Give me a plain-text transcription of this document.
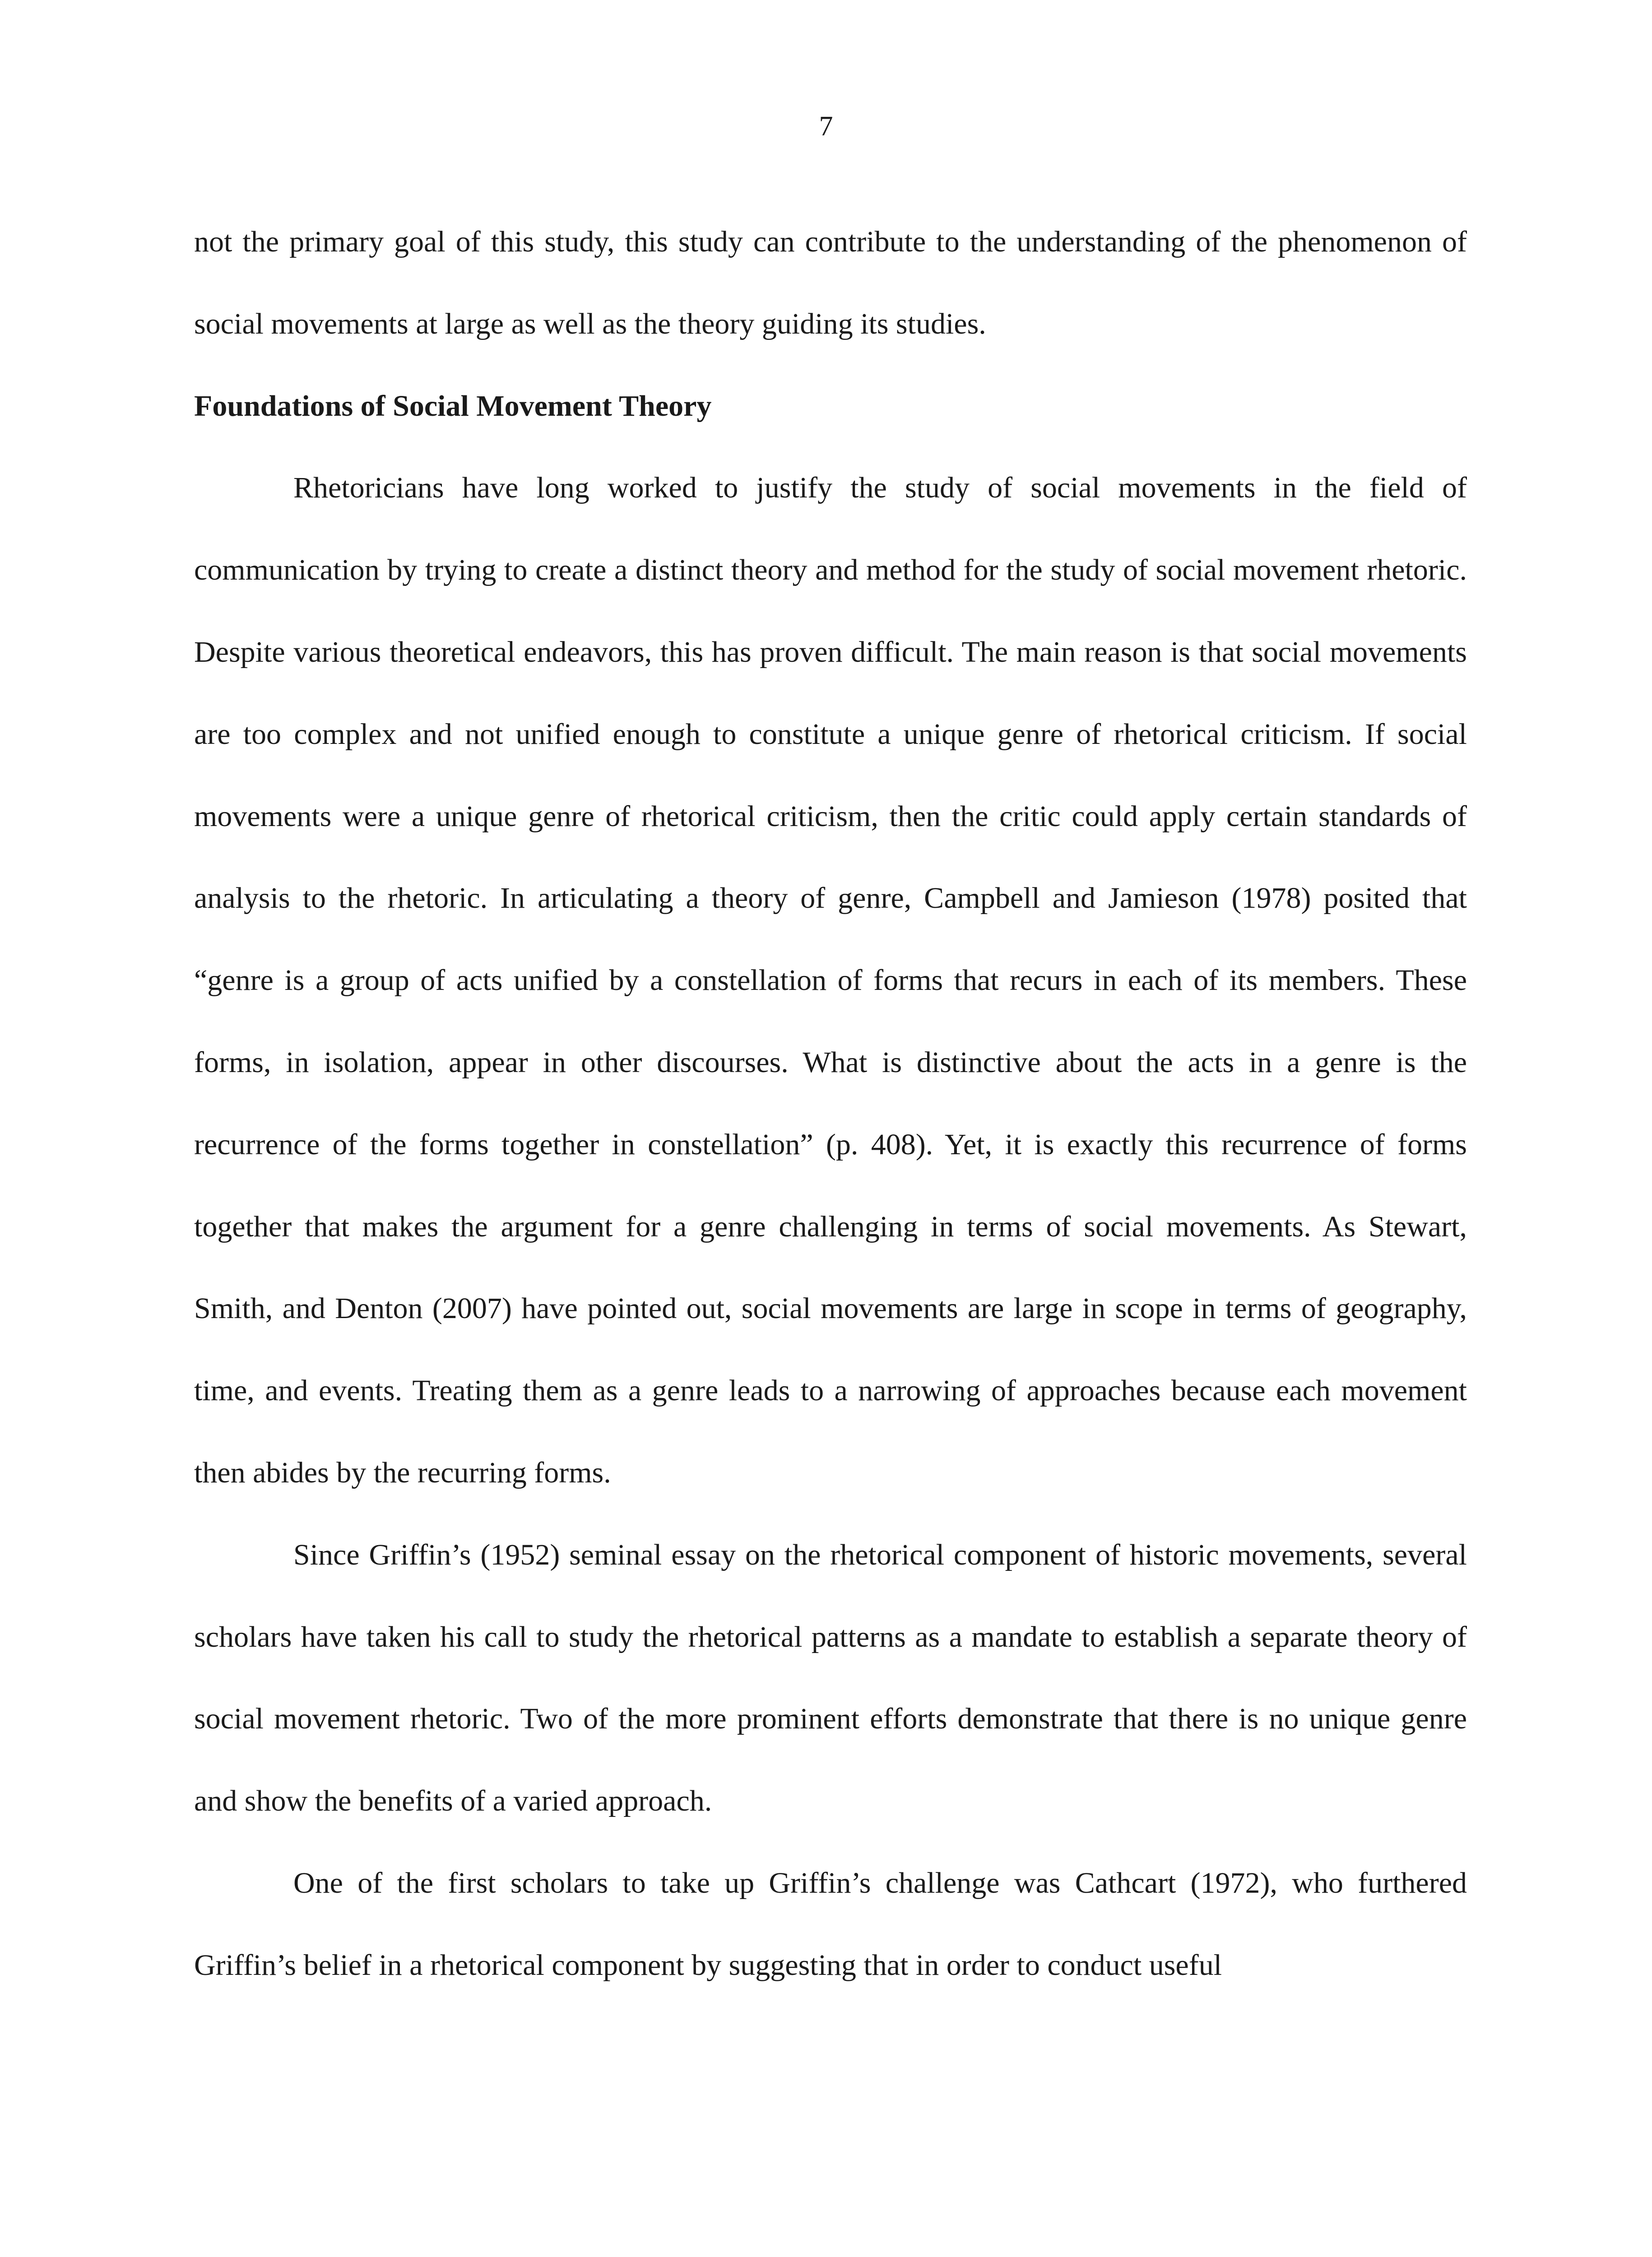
7

not the primary goal of this study, this study can contribute to the understanding of the phenomenon of social movements at large as well as the theory guiding its studies.

Foundations of Social Movement Theory

Rhetoricians have long worked to justify the study of social movements in the field of communication by trying to create a distinct theory and method for the study of social movement rhetoric. Despite various theoretical endeavors, this has proven difficult. The main reason is that social movements are too complex and not unified enough to constitute a unique genre of rhetorical criticism. If social movements were a unique genre of rhetorical criticism, then the critic could apply certain standards of analysis to the rhetoric. In articulating a theory of genre, Campbell and Jamieson (1978) posited that “genre is a group of acts unified by a constellation of forms that recurs in each of its members. These forms, in isolation, appear in other discourses. What is distinctive about the acts in a genre is the recurrence of the forms together in constellation” (p. 408). Yet, it is exactly this recurrence of forms together that makes the argument for a genre challenging in terms of social movements. As Stewart, Smith, and Denton (2007) have pointed out, social movements are large in scope in terms of geography, time, and events. Treating them as a genre leads to a narrowing of approaches because each movement then abides by the recurring forms.

Since Griffin’s (1952) seminal essay on the rhetorical component of historic movements, several scholars have taken his call to study the rhetorical patterns as a mandate to establish a separate theory of social movement rhetoric. Two of the more prominent efforts demonstrate that there is no unique genre and show the benefits of a varied approach.

One of the first scholars to take up Griffin’s challenge was Cathcart (1972), who furthered Griffin’s belief in a rhetorical component by suggesting that in order to conduct useful
